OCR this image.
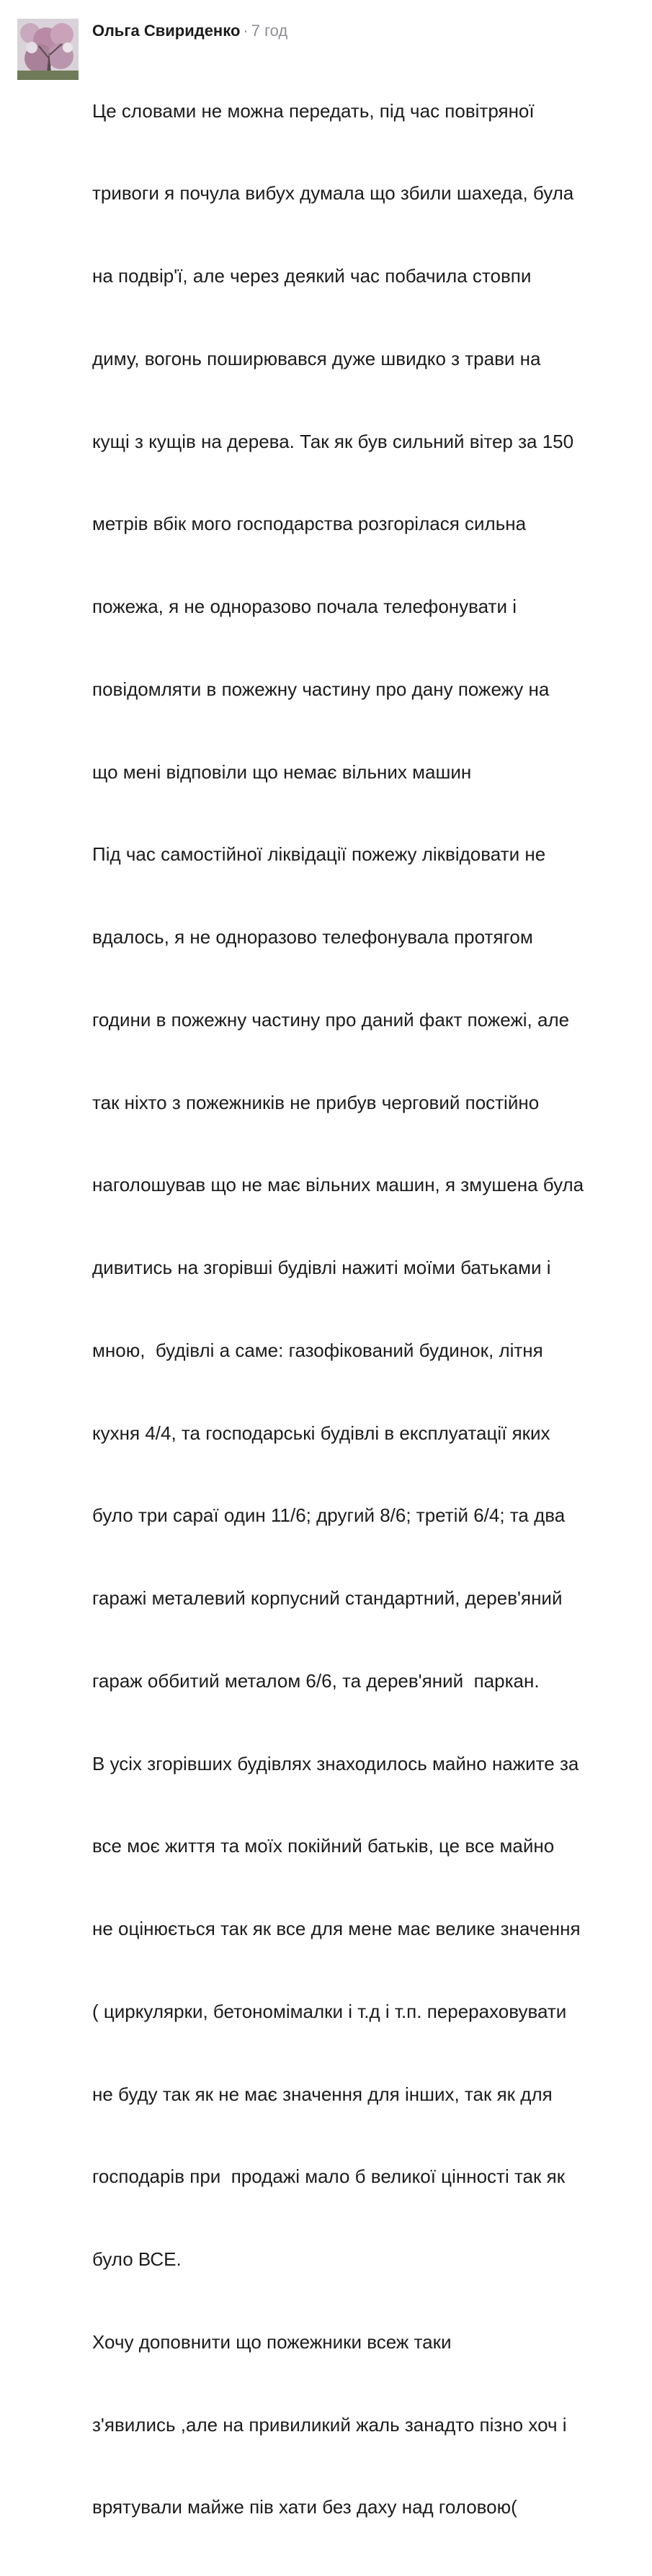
Ольга Свириденко · 7 год

Це словами не можна передать, під час повітряної

тривоги я почула вибух думала що збили шахеда, була

на подвір'ї, але через деякий час побачила стовпи

диму, вогонь поширювався дуже швидко з трави на

кущі з кущів на дерева. Так як був сильний вітер за 150

метрів вбік мого господарства розгорілася сильна

пожежа, я не одноразово почала телефонувати і

повідомляти в пожежну частину про дану пожежу на

що мені відповіли що немає вільних машин

Під час самостійної ліквідації пожежу ліквідовати не

вдалось, я не одноразово телефонувала протягом

години в пожежну частину про даний факт пожежі, але

так ніхто з пожежників не прибув черговий постійно

наголошував що не має вільних машин, я змушена була

дивитись на згорівші будівлі нажиті моїми батьками і

мною,  будівлі а саме: газофікований будинок, літня

кухня 4/4, та господарські будівлі в експлуатації яких

було три сараї один 11/6; другий 8/6; третій 6/4; та два

гаражі металевий корпусний стандартний, дерев'яний

гараж оббитий металом 6/6, та дерев'яний  паркан.

В усіх згорівших будівлях знаходилось майно нажите за

все моє життя та моїх покійний батьків, це все майно

не оцінюється так як все для мене має велике значення

( циркулярки, бетономімалки і т.д і т.п. перераховувати

не буду так як не має значення для інших, так як для

господарів при  продажі мало б великої цінності так як

було ВСЕ.

Хочу доповнити що пожежники всеж таки

з'явились ,але на привиликий жаль занадто пізно хоч і

врятували майже пів хати без даху над головою(
